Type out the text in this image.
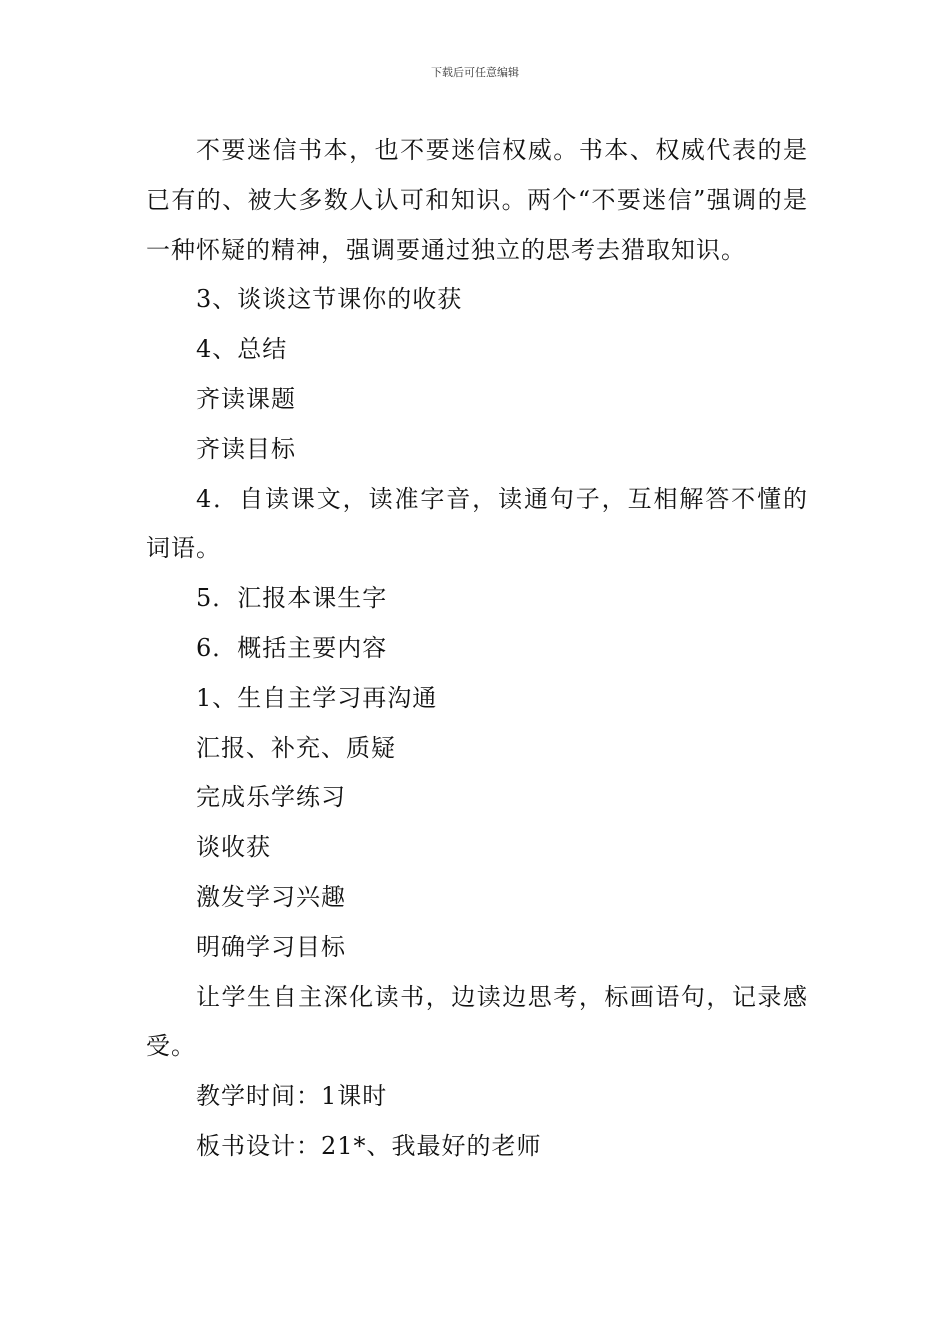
下载后可任意编辑

不要迷信书本，也不要迷信权威。书本、权威代表的是已有的、被大多数人认可和知识。两个“不要迷信”强调的是一种怀疑的精神，强调要通过独立的思考去猎取知识。

3、谈谈这节课你的收获

4、总结

齐读课题

齐读目标

4．自读课文，读准字音，读通句子，互相解答不懂的词语。

5．汇报本课生字

6．概括主要内容

1、生自主学习再沟通

汇报、补充、质疑

完成乐学练习

谈收获

激发学习兴趣

明确学习目标

让学生自主深化读书，边读边思考，标画语句，记录感受。

教学时间：1课时

板书设计：21*、我最好的老师
